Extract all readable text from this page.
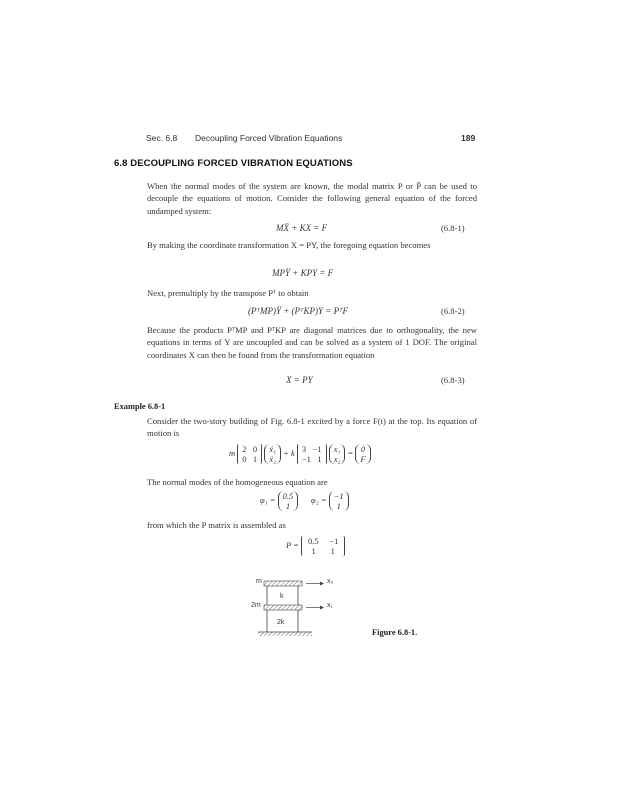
Sec. 6.8 Decoupling Forced Vibration Equations	189
6.8 DECOUPLING FORCED VIBRATION EQUATIONS
When the normal modes of the system are known, the modal matrix P or P̃ can be used to decouple the equations of motion. Consider the following general equation of the forced undamped system:
MẌ + KX = F	(6.8-1)
By making the coordinate transformation X = PY, the foregoing equation becomes
MPŸ + KPY = F
Next, premultiply by the transpose Pᵀ to obtain
(PᵀMP)Ÿ + (PᵀKP)Y = PᵀF	(6.8-2)
Because the products PᵀMP and PᵀKP are diagonal matrices due to orthogonality, the new equations in terms of Y are uncoupled and can be solved as a system of 1 DOF. The original coordinates X can then be found from the transformation equation
X = PY	(6.8-3)
Example 6.8-1
Consider the two-story building of Fig. 6.8-1 excited by a force F(t) at the top. Its equation of motion is
m 2 0
0 1 ẍ₁
ẍ₂ + k 3 −1
−1 1 x₁
x₂ = 0
F
The normal modes of the homogeneous equation are
φ₁ = 0.5
1      φ₂ = −1
1
from which the P matrix is assembled as
P = 0.5 −1
1 1
m	x₂
k
2m	x₁
2k
Figure 6.8-1.
